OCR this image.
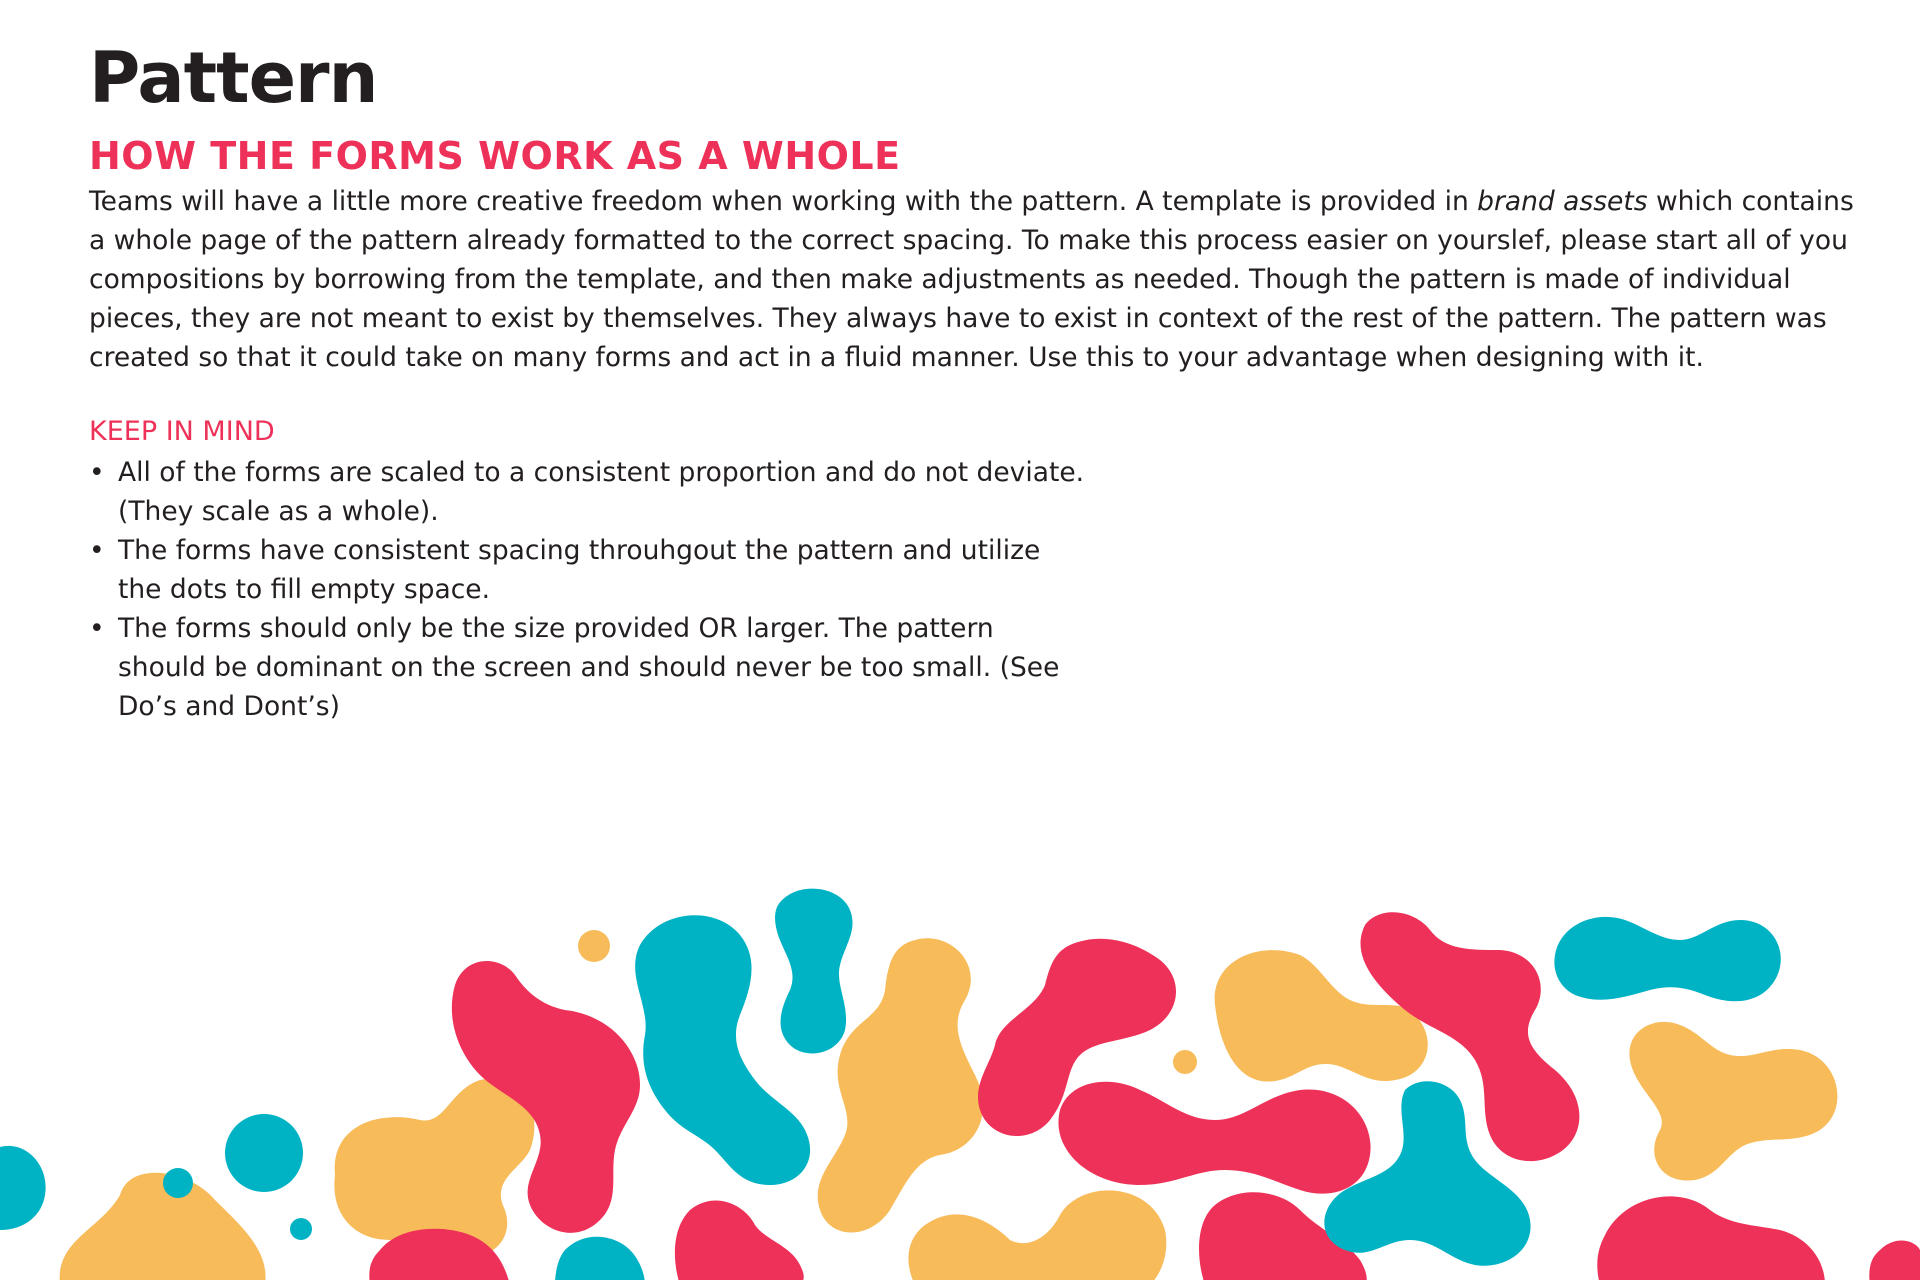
Pattern
HOW THE FORMS WORK AS A WHOLE

Teams will have a little more creative freedom when working with the pattern. A template is provided in brand assets which contains a whole page of the pattern already formatted to the correct spacing. To make this process easier on yourslef, please start all of you compositions by borrowing from the template, and then make adjustments as needed. Though the pattern is made of individual pieces, they are not meant to exist by themselves. They always have to exist in context of the rest of the pattern. The pattern was created so that it could take on many forms and act in a fluid manner. Use this to your advantage when designing with it.

KEEP IN MIND
• All of the forms are scaled to a consistent proportion and do not deviate. (They scale as a whole).
• The forms have consistent spacing throuhgout the pattern and utilize the dots to fill empty space.
• The forms should only be the size provided OR larger. The pattern should be dominant on the screen and should never be too small. (See Do’s and Dont’s)
